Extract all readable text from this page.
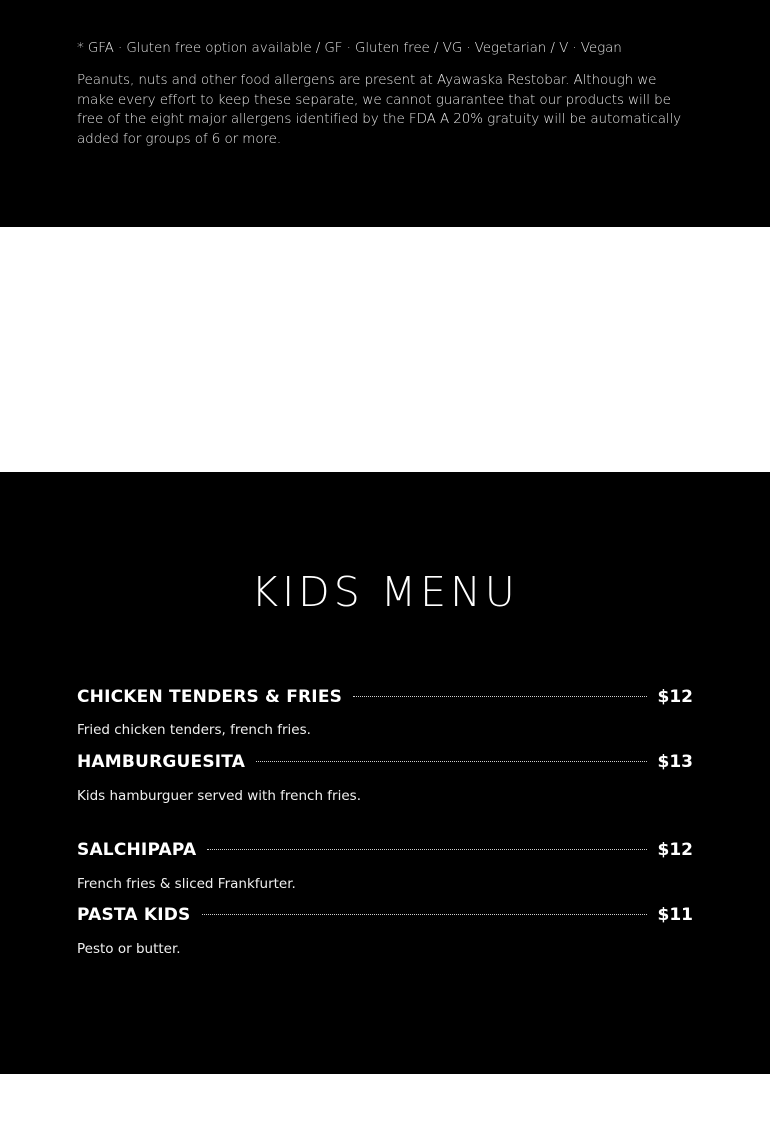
* GFA · Gluten free option available / GF · Gluten free / VG · Vegetarian / V · Vegan
Peanuts, nuts and other food allergens are present at Ayawaska Restobar. Although we make every effort to keep these separate, we cannot guarantee that our products will be free of the eight major allergens identified by the FDA A 20% gratuity will be automatically added for groups of 6 or more.
KIDS MENU
CHICKEN TENDERS & FRIES	$12
Fried chicken tenders, french fries.
HAMBURGUESITA	$13
Kids hamburguer served with french fries.
SALCHIPAPA	$12
French fries & sliced Frankfurter.
PASTA KIDS	$11
Pesto or butter.
